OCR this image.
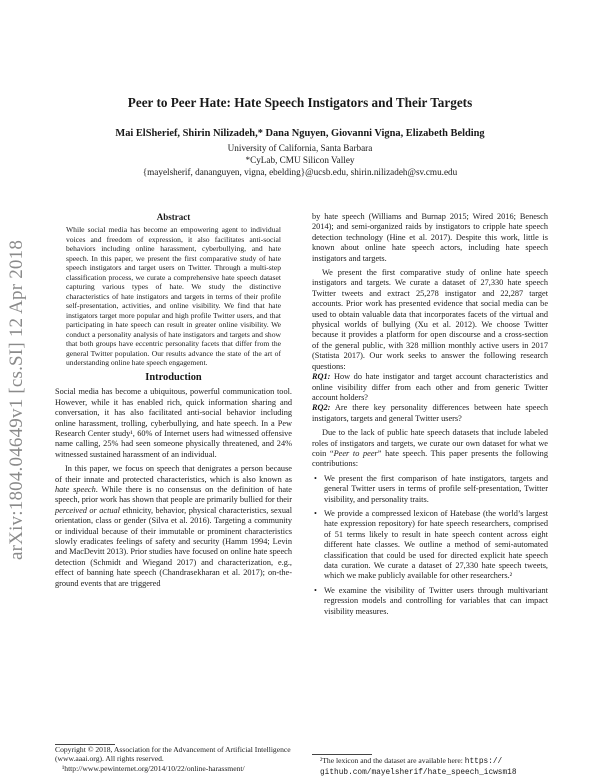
arXiv:1804.04649v1 [cs.SI] 12 Apr 2018
Peer to Peer Hate: Hate Speech Instigators and Their Targets
Mai ElSherief, Shirin Nilizadeh,* Dana Nguyen, Giovanni Vigna, Elizabeth Belding
University of California, Santa Barbara
*CyLab, CMU Silicon Valley
{mayelsherif, dananguyen, vigna, ebelding}@ucsb.edu, shirin.nilizadeh@sv.cmu.edu

Abstract

While social media has become an empowering agent to individual voices and freedom of expression, it also facilitates anti-social behaviors including online harassment, cyberbullying, and hate speech. In this paper, we present the first comparative study of hate speech instigators and target users on Twitter. Through a multi-step classification process, we curate a comprehensive hate speech dataset capturing various types of hate. We study the distinctive characteristics of hate instigators and targets in terms of their profile self-presentation, activities, and online visibility. We find that hate instigators target more popular and high profile Twitter users, and that participating in hate speech can result in greater online visibility. We conduct a personality analysis of hate instigators and targets and show that both groups have eccentric personality facets that differ from the general Twitter population. Our results advance the state of the art of understanding online hate speech engagement.

Introduction

Social media has become a ubiquitous, powerful communication tool. However, while it has enabled rich, quick information sharing and conversation, it has also facilitated anti-social behavior including online harassment, trolling, cyberbullying, and hate speech. In a Pew Research Center study¹, 60% of Internet users had witnessed offensive name calling, 25% had seen someone physically threatened, and 24% witnessed sustained harassment of an individual.

In this paper, we focus on speech that denigrates a person because of their innate and protected characteristics, which is also known as hate speech. While there is no consensus on the definition of hate speech, prior work has shown that people are primarily bullied for their perceived or actual ethnicity, behavior, physical characteristics, sexual orientation, class or gender (Silva et al. 2016). Targeting a community or individual because of their immutable or prominent characteristics slowly eradicates feelings of safety and security (Hamm 1994; Levin and MacDevitt 2013). Prior studies have focused on online hate speech detection (Schmidt and Wiegand 2017) and characterization, e.g., effect of banning hate speech (Chandrasekharan et al. 2017); on-the-ground events that are triggered

Copyright © 2018, Association for the Advancement of Artificial Intelligence (www.aaai.org). All rights reserved.
¹http://www.pewinternet.org/2014/10/22/online-harassment/

by hate speech (Williams and Burnap 2015; Wired 2016; Benesch 2014); and semi-organized raids by instigators to cripple hate speech detection technology (Hine et al. 2017). Despite this work, little is known about online hate speech actors, including hate speech instigators and targets.

We present the first comparative study of online hate speech instigators and targets. We curate a dataset of 27,330 hate speech Twitter tweets and extract 25,278 instigator and 22,287 target accounts. Prior work has presented evidence that social media can be used to obtain valuable data that incorporates facets of the virtual and physical worlds of bullying (Xu et al. 2012). We choose Twitter because it provides a platform for open discourse and a cross-section of the general public, with 328 million monthly active users in 2017 (Statista 2017). Our work seeks to answer the following research questions:

RQ1: How do hate instigator and target account characteristics and online visibility differ from each other and from generic Twitter account holders?

RQ2: Are there key personality differences between hate speech instigators, targets and general Twitter users?

Due to the lack of public hate speech datasets that include labeled roles of instigators and targets, we curate our own dataset for what we coin “Peer to peer” hate speech. This paper presents the following contributions:

• We present the first comparison of hate instigators, targets and general Twitter users in terms of profile self-presentation, Twitter visibility, and personality traits.
• We provide a compressed lexicon of Hatebase (the world’s largest hate expression repository) for hate speech researchers, comprised of 51 terms likely to result in hate speech content across eight different hate classes. We outline a method of semi-automated classification that could be used for directed explicit hate speech data curation. We curate a dataset of 27,330 hate speech tweets, which we make publicly available for other researchers.²
• We examine the visibility of Twitter users through multivariant regression models and controlling for variables that can impact visibility measures.
²The lexicon and the dataset are available here: https://
github.com/mayelsherif/hate_speech_icwsm18
